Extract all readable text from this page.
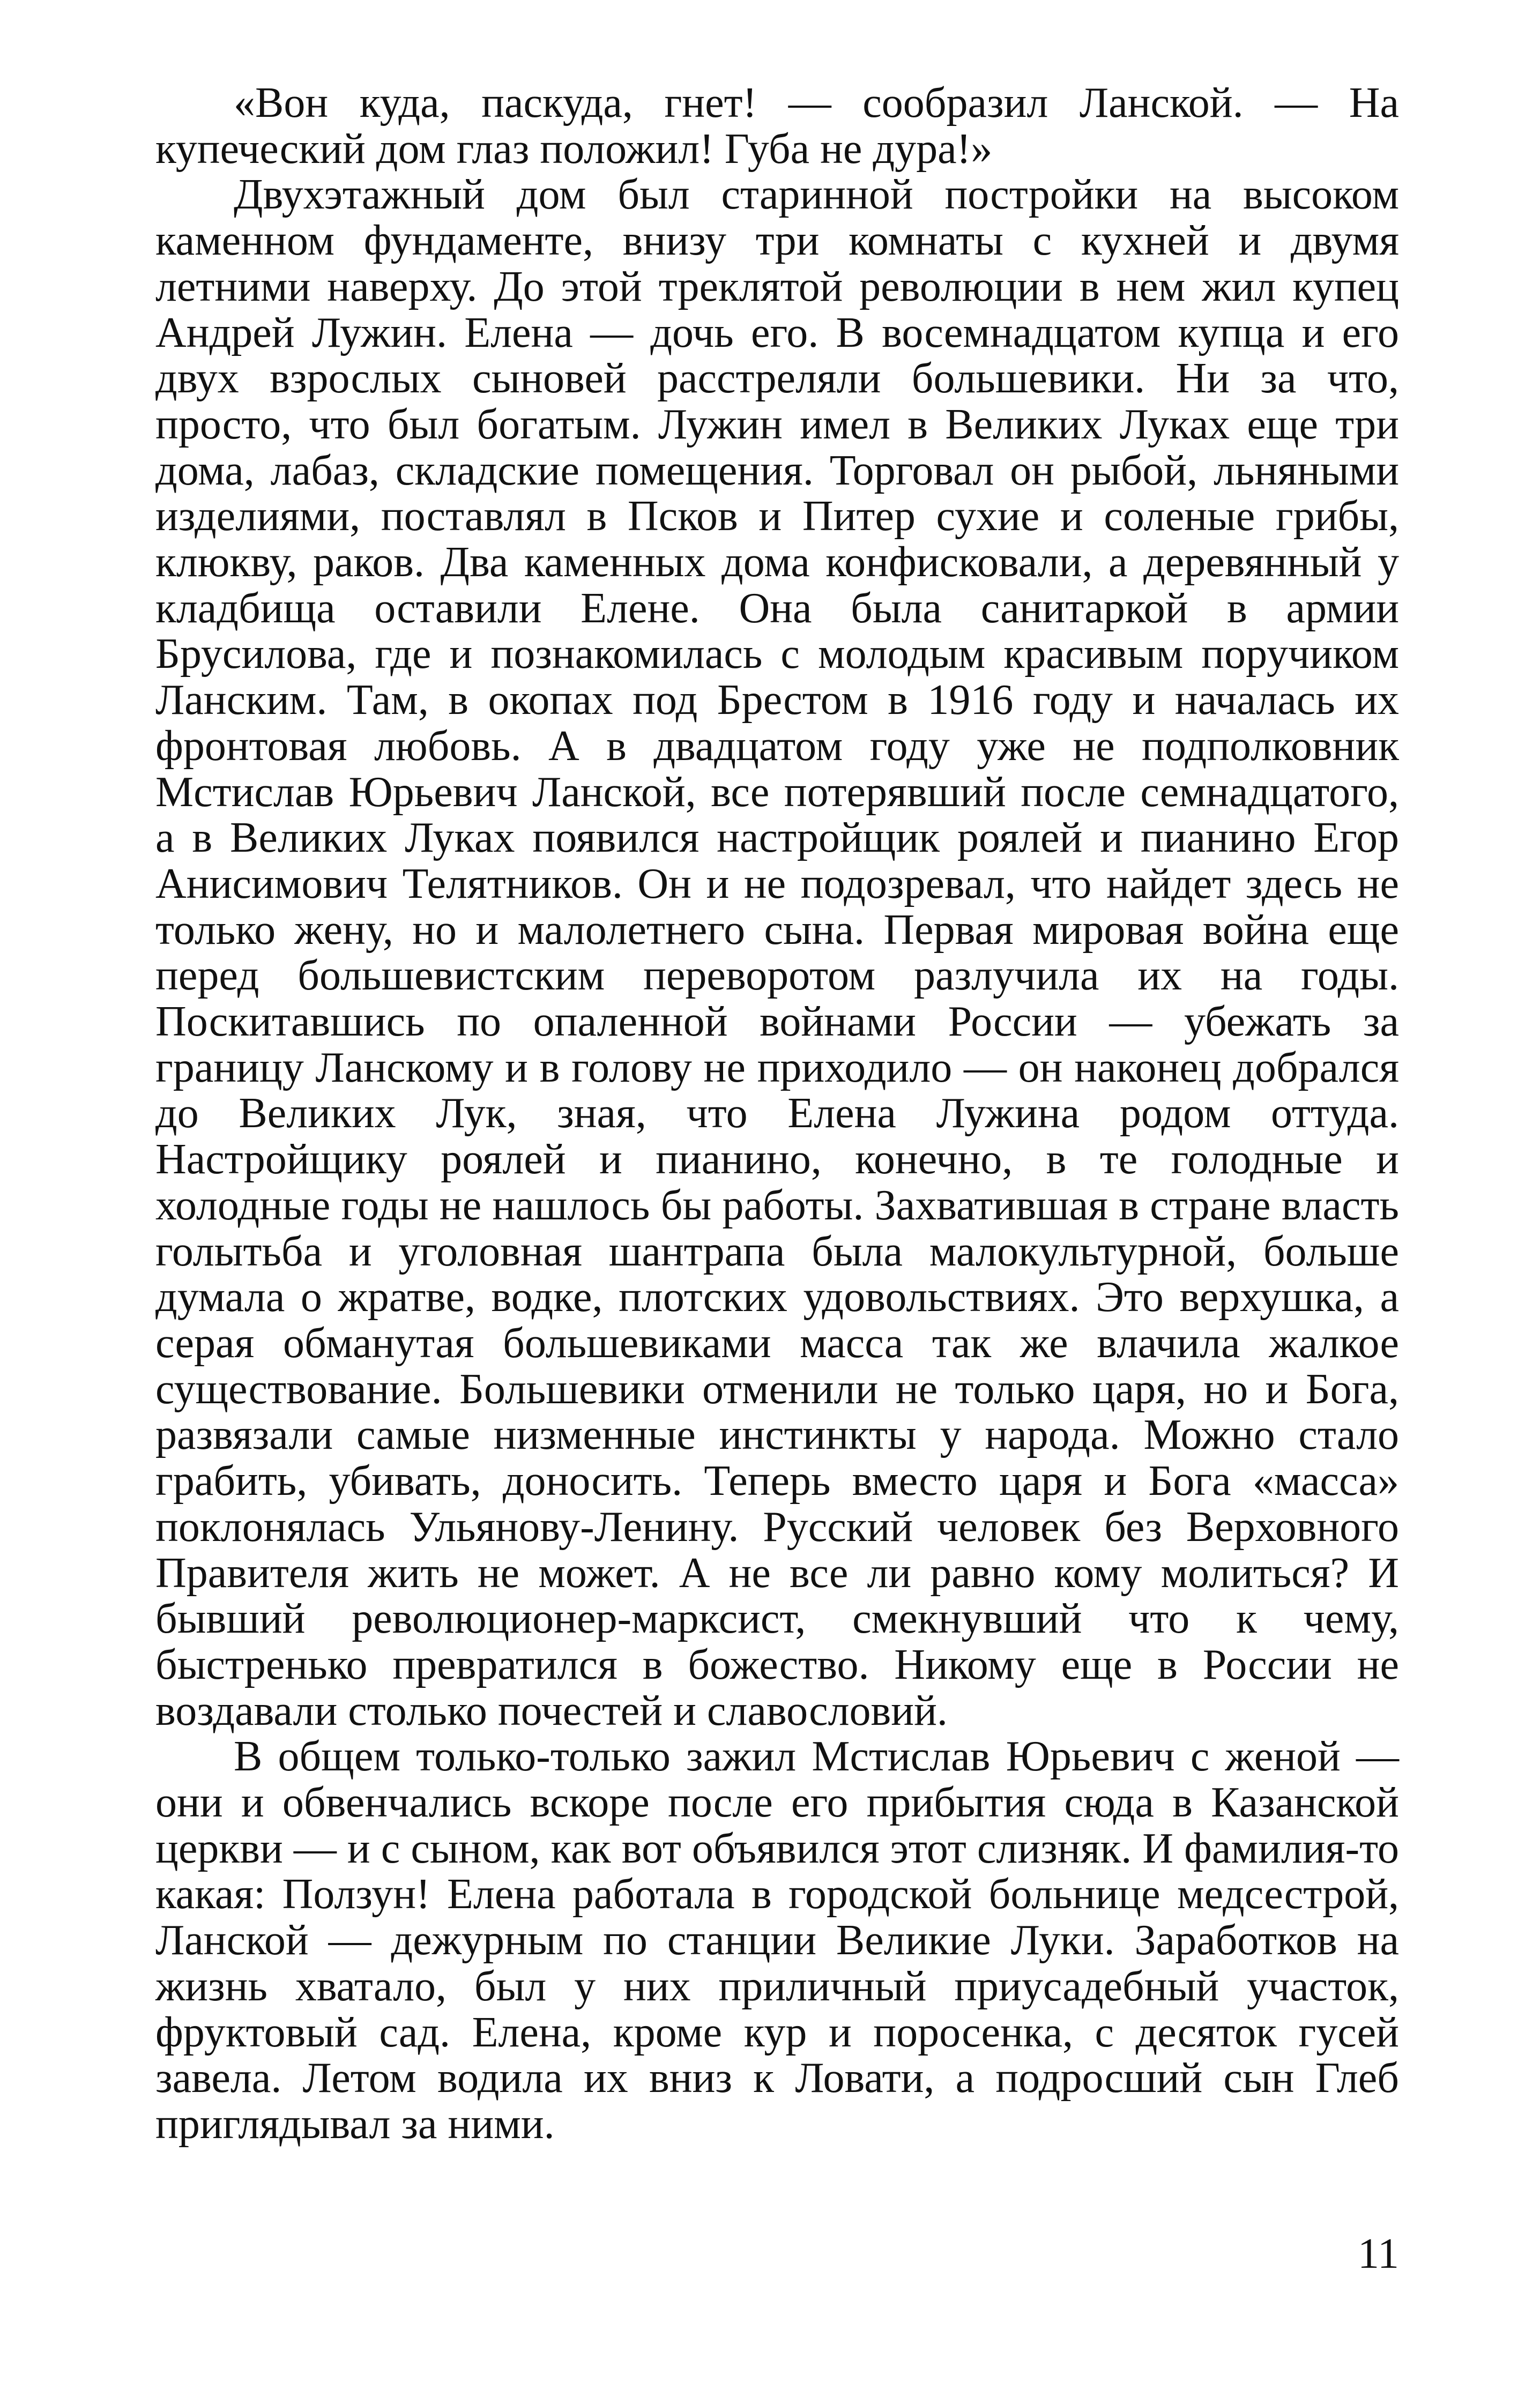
«Вон куда, паскуда, гнет! — сообразил Ланской. — На купеческий дом глаз положил! Губа не дура!»

Двухэтажный дом был старинной постройки на высоком каменном фундаменте, внизу три комнаты с кухней и двумя летними наверху. До этой треклятой революции в нем жил купец Андрей Лужин. Елена — дочь его. В восемнадцатом купца и его двух взрослых сыновей расстреляли большевики. Ни за что, просто, что был богатым. Лужин имел в Великих Луках еще три дома, лабаз, складские помещения. Торговал он рыбой, льняными изделиями, поставлял в Псков и Питер сухие и соленые грибы, клюкву, раков. Два каменных дома конфисковали, а деревянный у кладбища оставили Елене. Она была санитаркой в армии Брусилова, где и познакомилась с молодым красивым поручиком Ланским. Там, в окопах под Брестом в 1916 году и началась их фронтовая любовь. А в двадцатом году уже не подполковник Мстислав Юрьевич Ланской, все потерявший после семнадцатого, а в Великих Луках появился настройщик роялей и пианино Егор Анисимович Телятников. Он и не подозревал, что найдет здесь не только жену, но и малолетнего сына. Первая мировая война еще перед большевистским переворотом разлучила их на годы. Поскитавшись по опаленной войнами России — убежать за границу Ланскому и в голову не приходило — он наконец добрался до Великих Лук, зная, что Елена Лужина родом оттуда. Настройщику роялей и пианино, конечно, в те голодные и холодные годы не нашлось бы работы. Захватившая в стране власть голытьба и уголовная шантрапа была малокультурной, больше думала о жратве, водке, плотских удовольствиях. Это верхушка, а серая обманутая большевиками масса так же влачила жалкое существование. Большевики отменили не только царя, но и Бога, развязали самые низменные инстинкты у народа. Можно стало грабить, убивать, доносить. Теперь вместо царя и Бога «масса» поклонялась Ульянову-Ленину. Русский человек без Верховного Правителя жить не может. А не все ли равно кому молиться? И бывший революционер-марксист, смекнувший что к чему, быстренько превратился в божество. Никому еще в России не воздавали столько почестей и славословий.

В общем только-только зажил Мстислав Юрьевич с женой — они и обвенчались вскоре после его прибытия сюда в Казанской церкви — и с сыном, как вот объявился этот слизняк. И фамилия-то какая: Ползун! Елена работала в городской больнице медсестрой, Ланской — дежурным по станции Великие Луки. Заработков на жизнь хватало, был у них приличный приусадебный участок, фруктовый сад. Елена, кроме кур и поросенка, с десяток гусей завела. Летом водила их вниз к Ловати, а подросший сын Глеб приглядывал за ними.

11
